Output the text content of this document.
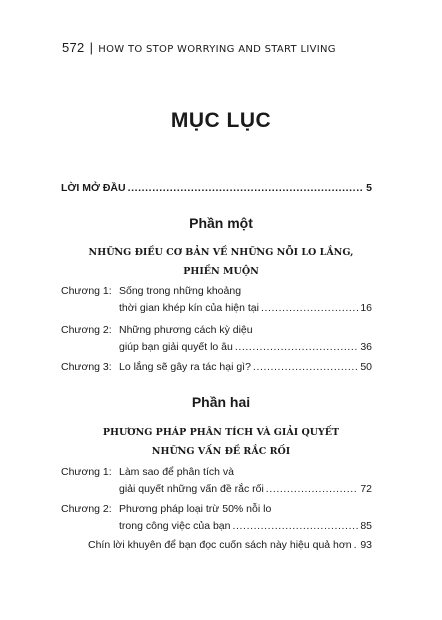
572 | HOW TO STOP WORRYING AND START LIVING
MỤC LỤC
LỜI MỞ ĐẦU .....	5
Phần một
NHỮNG ĐIỀU CƠ BẢN VỀ NHỮNG NỖI LO LẮNG,
PHIỀN MUỘN
Chương 1: Sống trong những khoảng
thời gian khép kín của hiện tại .....	16
Chương 2: Những phương cách kỳ diệu
giúp bạn giải quyết lo âu .....	36
Chương 3: Lo lắng sẽ gây ra tác hại gì? .....	50
Phần hai
PHƯƠNG PHÁP PHÂN TÍCH VÀ GIẢI QUYẾT
NHỮNG VẤN ĐỀ RẮC RỐI
Chương 1: Làm sao để phân tích và
giải quyết những vấn đề rắc rối .....	72
Chương 2: Phương pháp loại trừ 50% nỗi lo
trong công việc của bạn .....	85
Chín lời khuyên để bạn đọc cuốn sách này hiệu quả hơn ..... 93
